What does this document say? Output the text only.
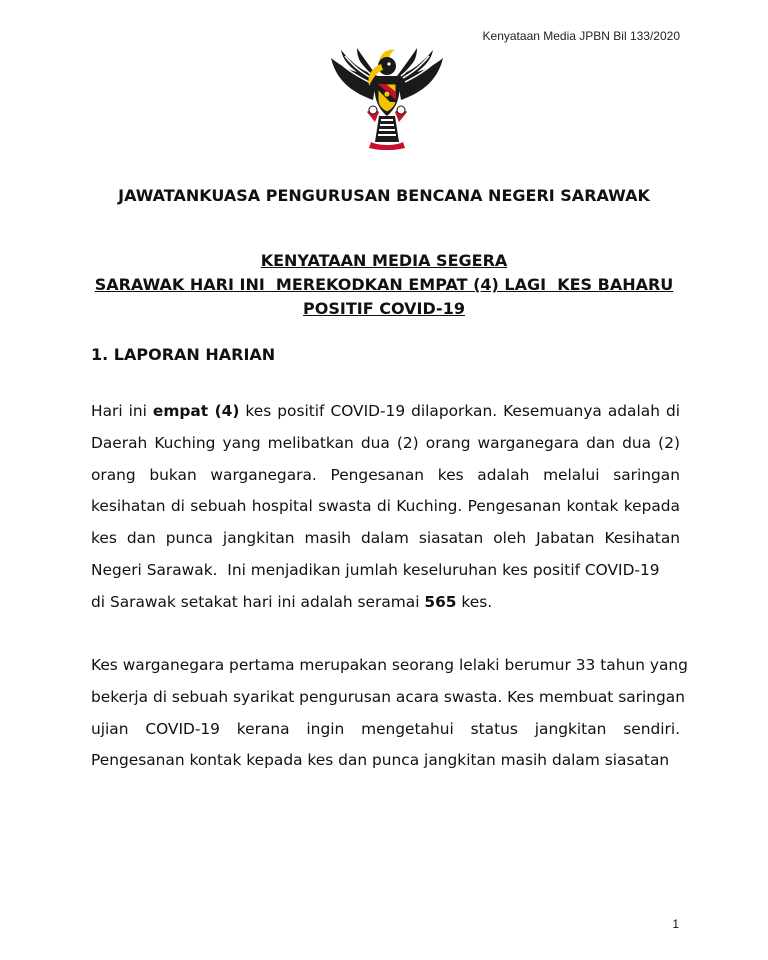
Kenyataan Media JPBN Bil 133/2020
JAWATANKUASA PENGURUSAN BENCANA NEGERI SARAWAK
KENYATAAN MEDIA SEGERA
SARAWAK HARI INI  MEREKODKAN EMPAT (4) LAGI  KES BAHARU
POSITIF COVID-19
1. LAPORAN HARIAN
Hari ini empat (4) kes positif COVID-19 dilaporkan. Kesemuanya adalah di
Daerah Kuching yang melibatkan dua (2) orang warganegara dan dua (2)
orang bukan warganegara. Pengesanan kes adalah melalui saringan
kesihatan di sebuah hospital swasta di Kuching. Pengesanan kontak kepada
kes dan punca jangkitan masih dalam siasatan oleh Jabatan Kesihatan
Negeri Sarawak.  Ini menjadikan jumlah keseluruhan kes positif COVID-19
di Sarawak setakat hari ini adalah seramai 565 kes.
Kes warganegara pertama merupakan seorang lelaki berumur 33 tahun yang
bekerja di sebuah syarikat pengurusan acara swasta. Kes membuat saringan
ujian COVID-19 kerana ingin mengetahui status jangkitan sendiri.
Pengesanan kontak kepada kes dan punca jangkitan masih dalam siasatan
1
